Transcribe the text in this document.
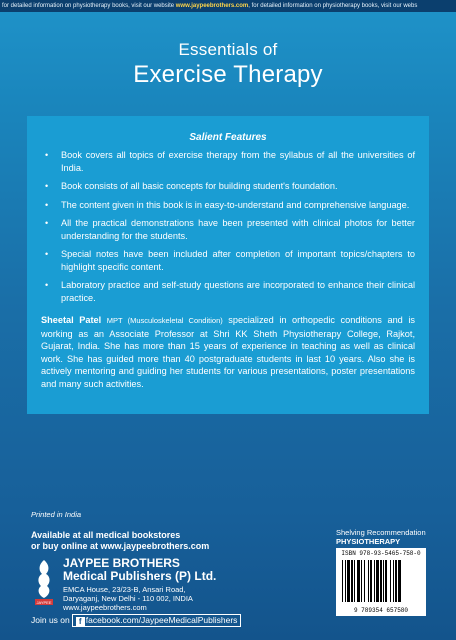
for detailed information on physiotherapy books, visit our website www.jaypeebrothers.com, for detailed information on physiotherapy books, visit our webs
Essentials of
Exercise Therapy
Salient Features
• Book covers all topics of exercise therapy from the syllabus of all the universities of India.
• Book consists of all basic concepts for building student's foundation.
• The content given in this book is in easy-to-understand and comprehensive language.
• All the practical demonstrations have been presented with clinical photos for better understanding for the students.
• Special notes have been included after completion of important topics/chapters to highlight specific content.
• Laboratory practice and self-study questions are incorporated to enhance their clinical practice.
Sheetal Patel MPT (Musculoskeletal Condition) specialized in orthopedic conditions and is working as an Associate Professor at Shri KK Sheth Physiotherapy College, Rajkot, Gujarat, India. She has more than 15 years of experience in teaching as well as clinical work. She has guided more than 40 postgraduate students in last 10 years. Also she is actively mentoring and guiding her students for various presentations, poster presentations and many such activities.
Printed in India
Available at all medical bookstores
or buy online at www.jaypeebrothers.com
JAYPEE
JAYPEE BROTHERS
Medical Publishers (P) Ltd.
EMCA House, 23/23-B, Ansari Road,
Daryaganj, New Delhi - 110 002, INDIA
www.jaypeebrothers.com
Join us on f facebook.com/JaypeeMedicalPublishers
Shelving Recommendation
PHYSIOTHERAPY
ISBN 978-93-5465-758-0
9 789354 657580
